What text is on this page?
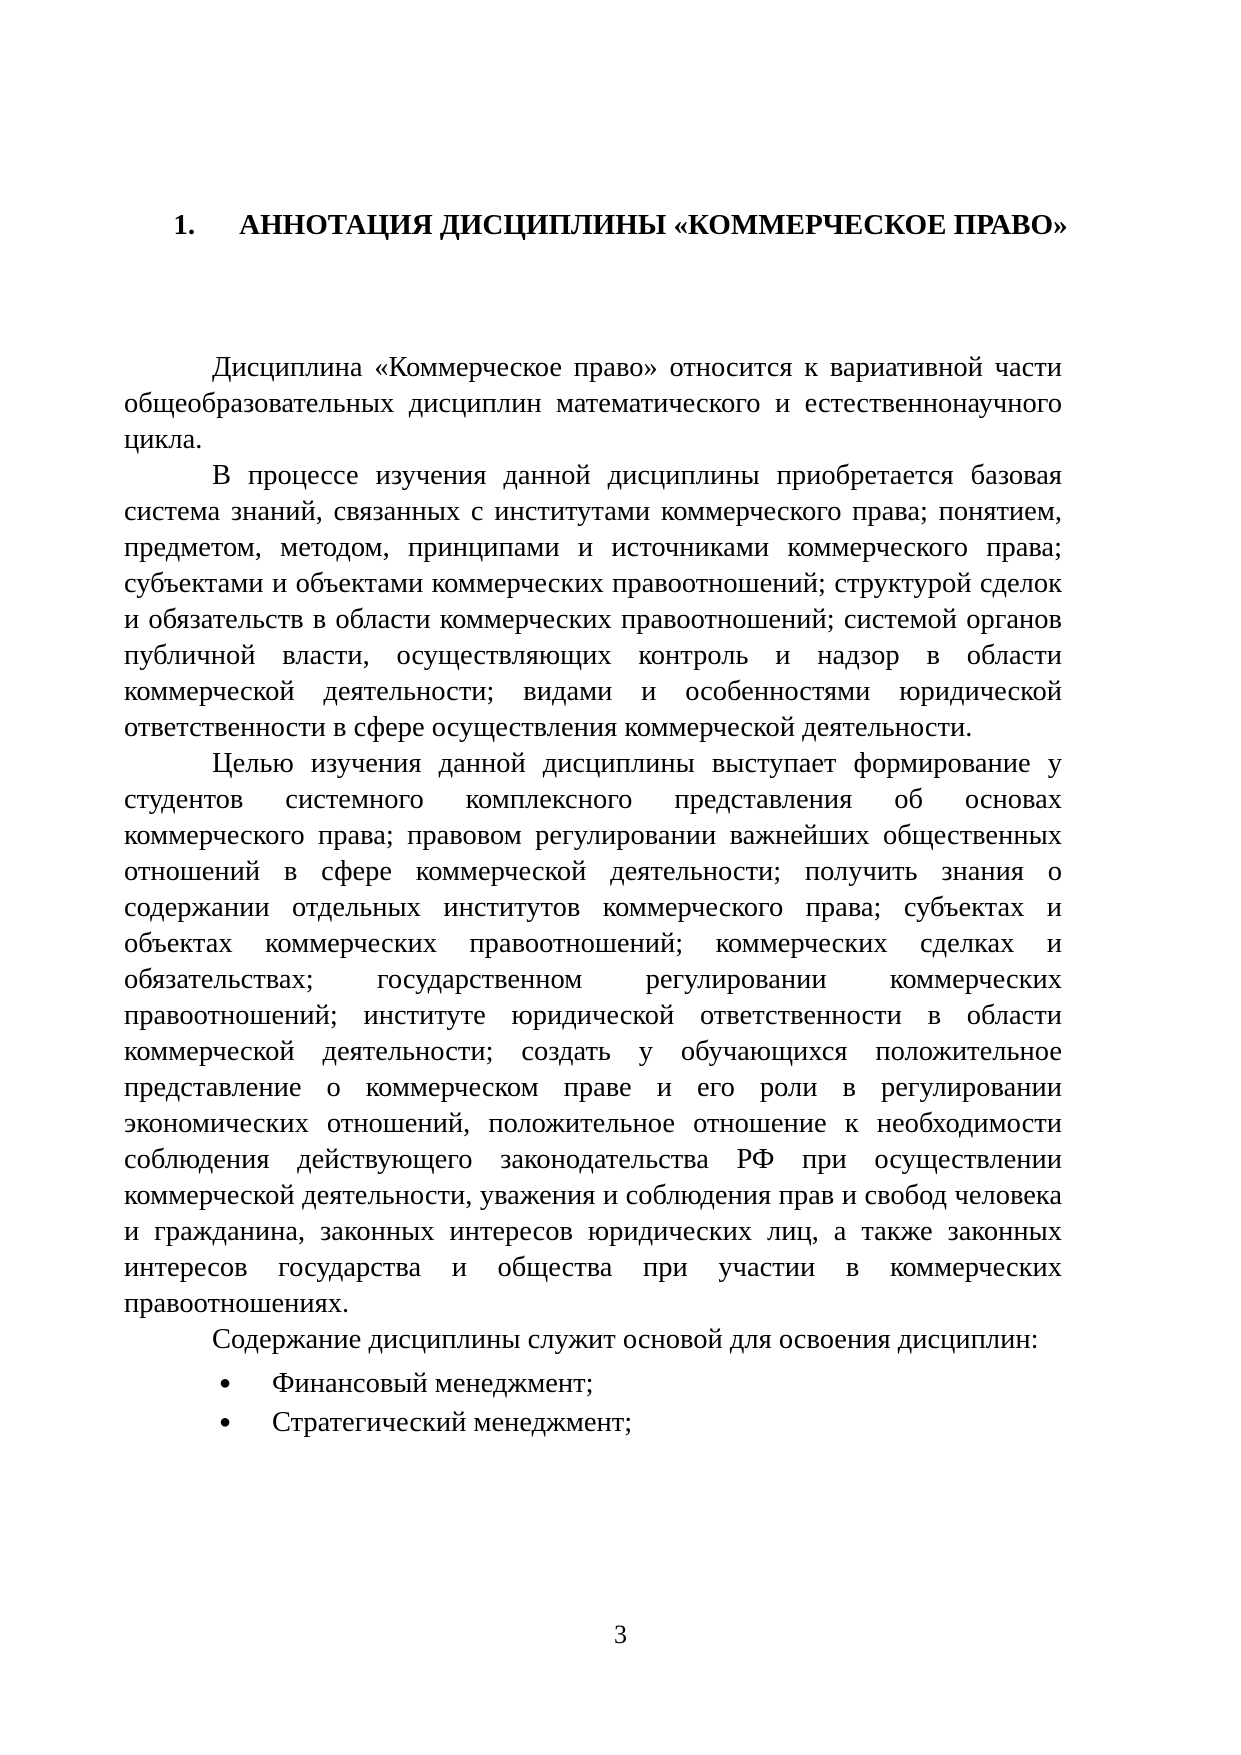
1. АННОТАЦИЯ ДИСЦИПЛИНЫ «КОММЕРЧЕСКОЕ ПРАВО»

Дисциплина «Коммерческое право» относится к вариативной части общеобразовательных дисциплин математического и естественнонаучного цикла.

В процессе изучения данной дисциплины приобретается базовая система знаний, связанных с институтами коммерческого права; понятием, предметом, методом, принципами и источниками коммерческого права; субъектами и объектами коммерческих правоотношений; структурой сделок и обязательств в области коммерческих правоотношений; системой органов публичной власти, осуществляющих контроль и надзор в области коммерческой деятельности; видами и особенностями юридической ответственности в сфере осуществления коммерческой деятельности.

Целью изучения данной дисциплины выступает формирование у студентов системного комплексного представления об основах коммерческого права; правовом регулировании важнейших общественных отношений в сфере коммерческой деятельности; получить знания о содержании отдельных институтов коммерческого права; субъектах и объектах коммерческих правоотношений; коммерческих сделках и обязательствах; государственном регулировании коммерческих правоотношений; институте юридической ответственности в области коммерческой деятельности; создать у обучающихся положительное представление о коммерческом праве и его роли в регулировании экономических отношений, положительное отношение к необходимости соблюдения действующего законодательства РФ при осуществлении коммерческой деятельности, уважения и соблюдения прав и свобод человека и гражданина, законных интересов юридических лиц, а также законных интересов государства и общества при участии в коммерческих правоотношениях.

Содержание дисциплины служит основой для освоения дисциплин:

● Финансовый менеджмент;
● Стратегический менеджмент;
3
